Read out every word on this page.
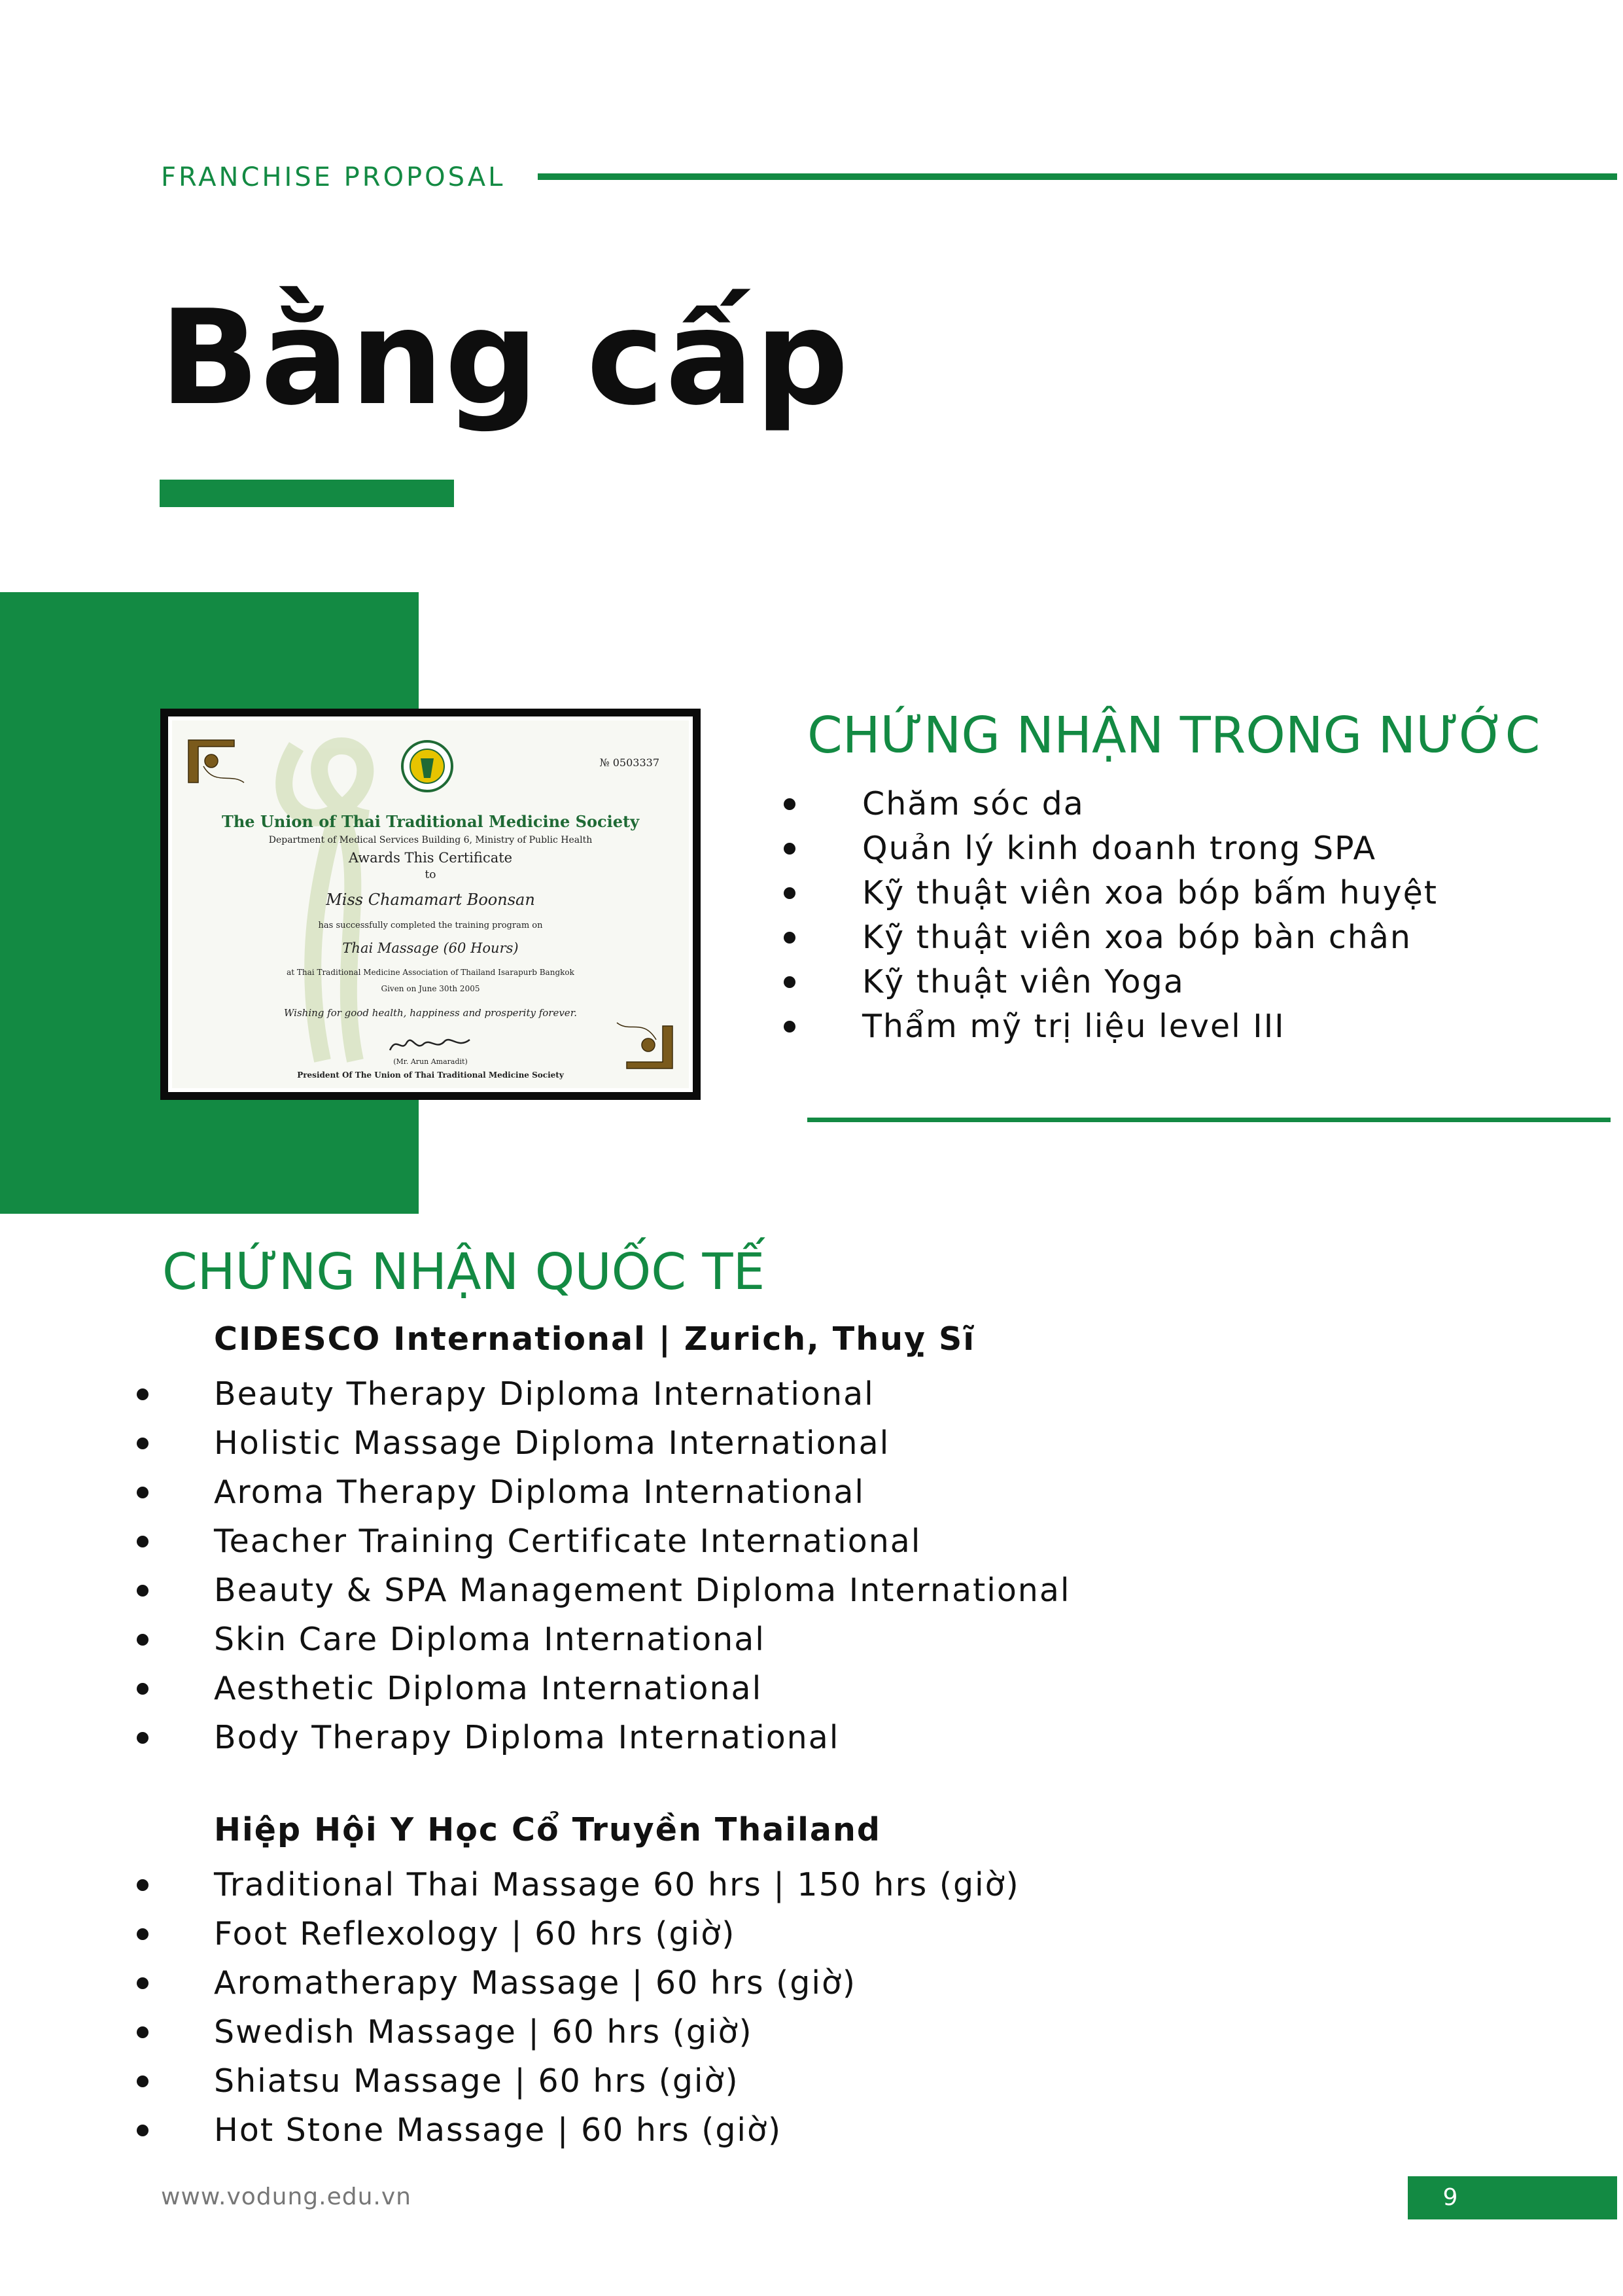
FRANCHISE PROPOSAL
Bằng cấp
№ 0503337
The Union of Thai Traditional Medicine Society
Department of Medical Services Building 6, Ministry of Public Health
Awards This Certificate
to
Miss Chamamart Boonsan
has successfully completed the training program on
Thai Massage (60 Hours)
at Thai Traditional Medicine Association of Thailand Isarapurb Bangkok
Given on June 30th 2005
Wishing for good health, happiness and prosperity forever.
(Mr. Arun Amaradit)
President Of The Union of Thai Traditional Medicine Society
CHỨNG NHẬN TRONG NƯỚC
Chăm sóc da
Quản lý kinh doanh trong SPA
Kỹ thuật viên xoa bóp bấm huyệt
Kỹ thuật viên xoa bóp bàn chân
Kỹ thuật viên Yoga
Thẩm mỹ trị liệu level III
CHỨNG NHẬN QUỐC TẾ
CIDESCO International | Zurich, Thuỵ Sĩ
Beauty Therapy Diploma International
Holistic Massage Diploma International
Aroma Therapy Diploma International
Teacher Training Certificate International
Beauty & SPA Management Diploma International
Skin Care Diploma International
Aesthetic Diploma International
Body Therapy Diploma International
Hiệp Hội Y Học Cổ Truyền Thailand
Traditional Thai Massage 60 hrs | 150 hrs (giờ)
Foot Reflexology | 60 hrs (giờ)
Aromatherapy Massage | 60 hrs (giờ)
Swedish Massage | 60 hrs (giờ)
Shiatsu Massage | 60 hrs (giờ)
Hot Stone Massage | 60 hrs (giờ)
www.vodung.edu.vn	9
